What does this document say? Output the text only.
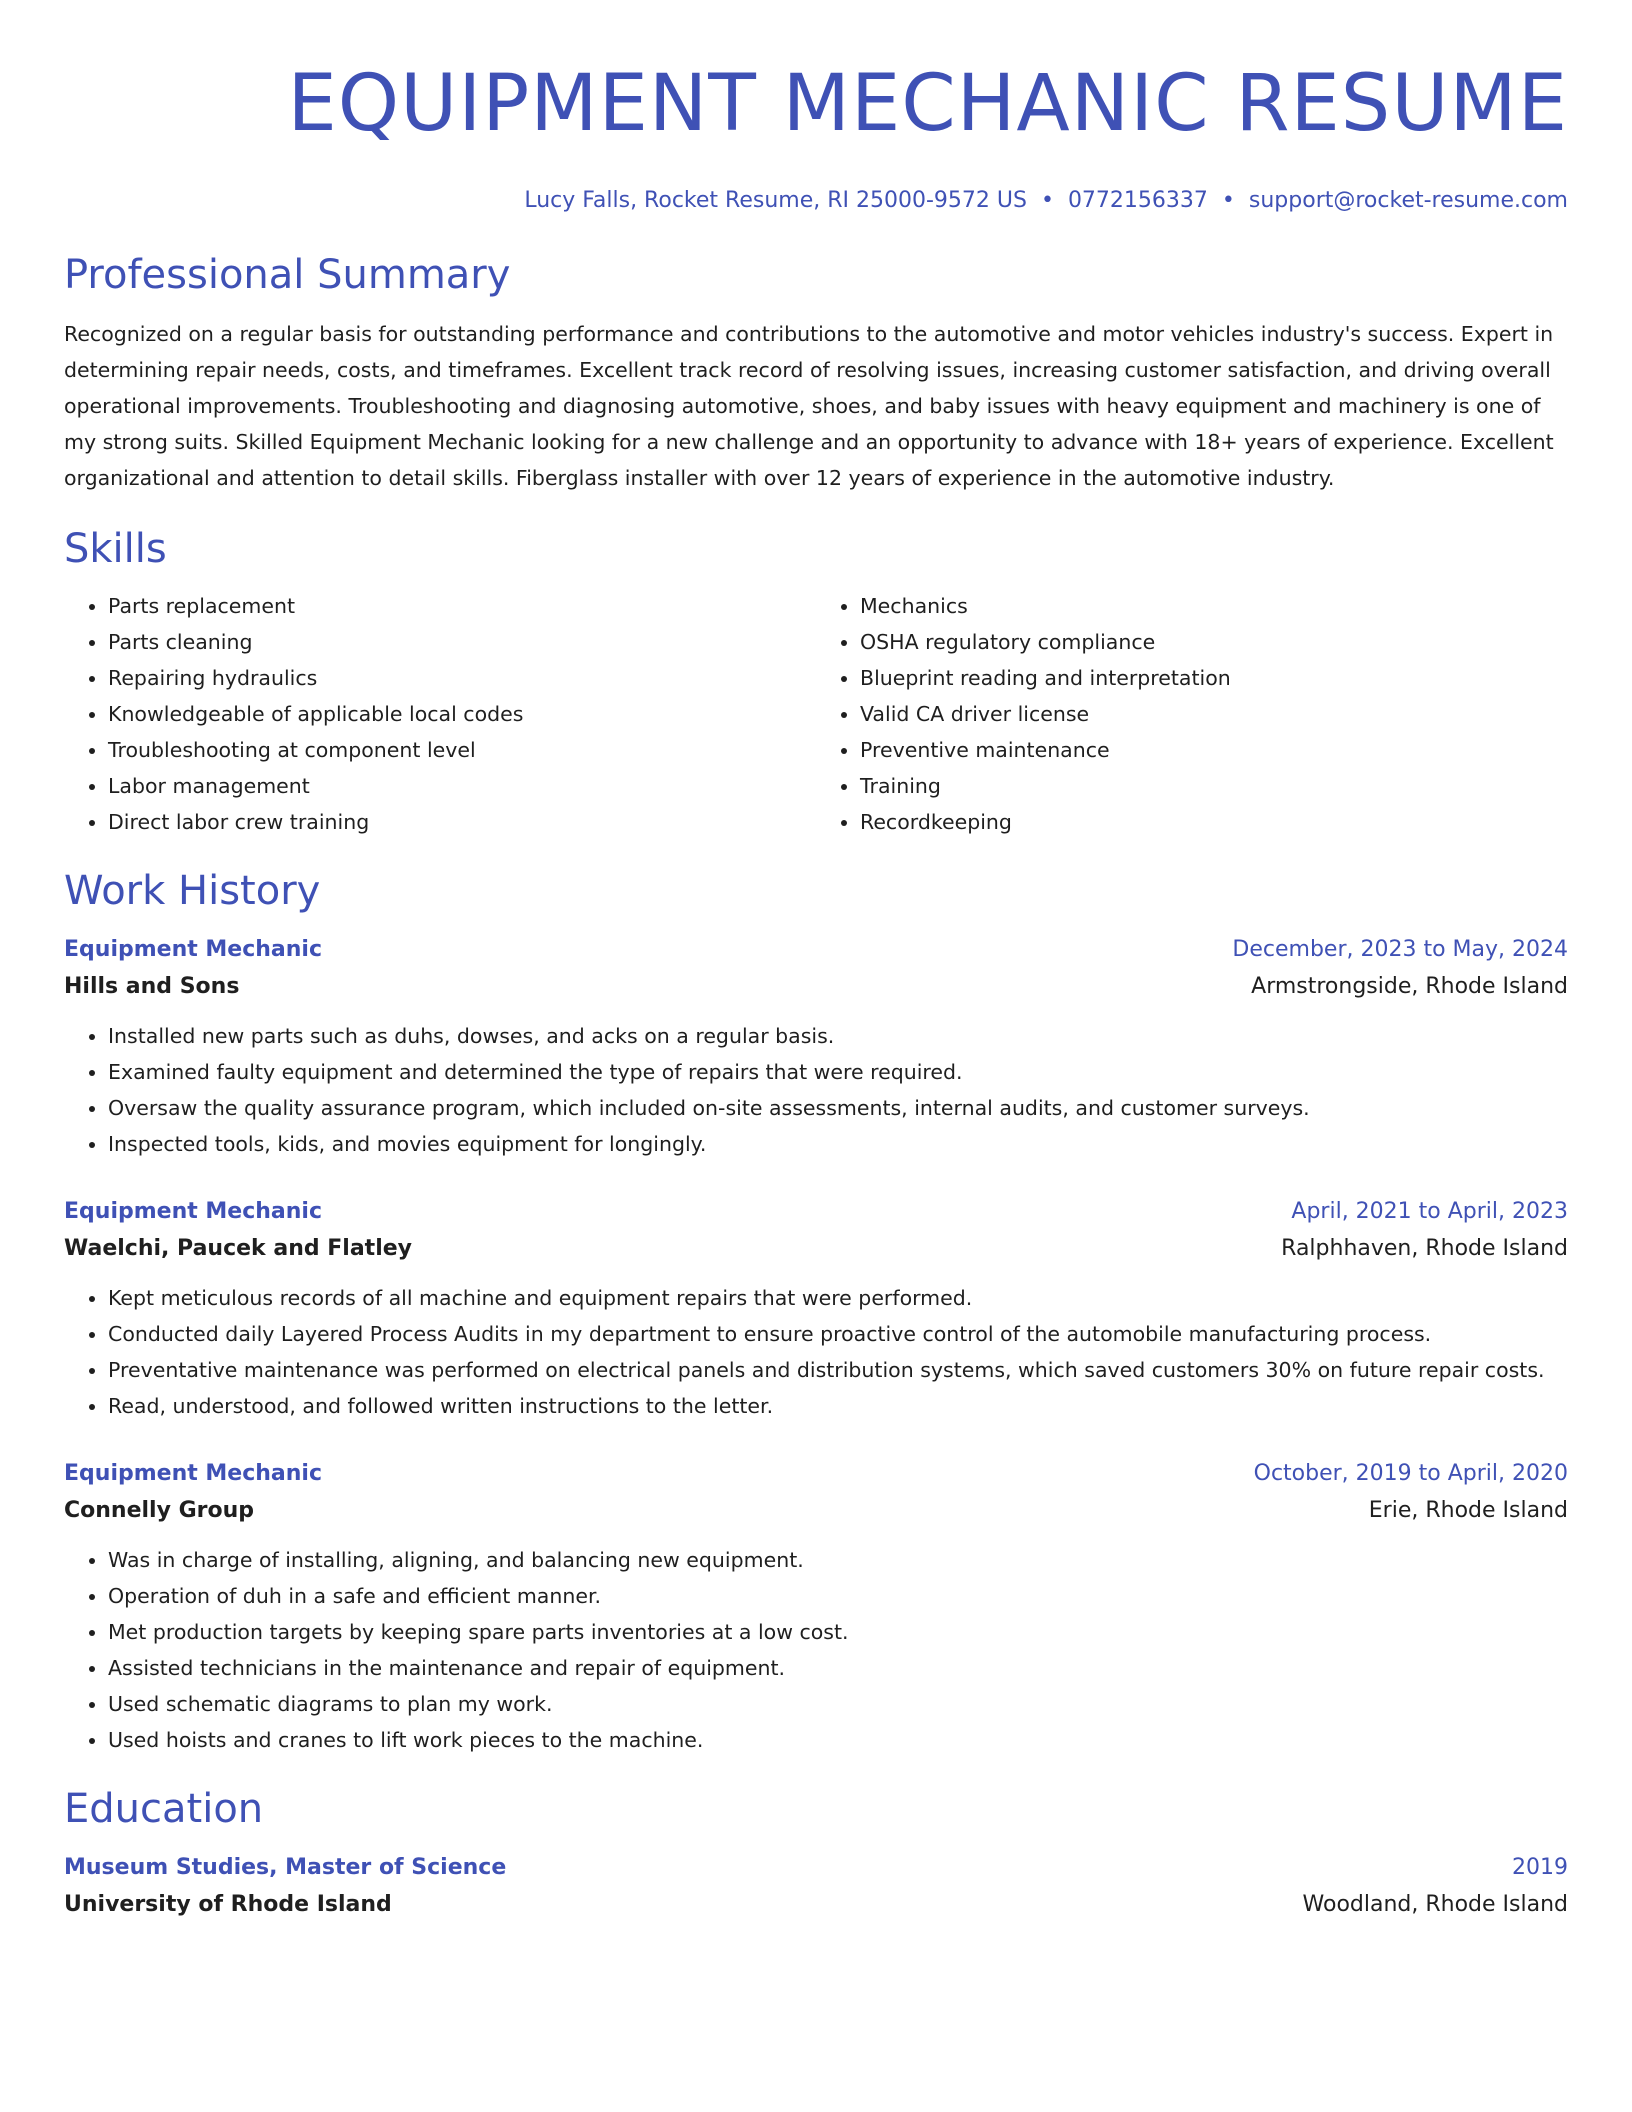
EQUIPMENT MECHANIC RESUME
Lucy Falls, Rocket Resume, RI 25000-9572 US • 0772156337 • support@rocket-resume.com
Professional Summary

Recognized on a regular basis for outstanding performance and contributions to the automotive and motor vehicles industry's success. Expert in determining repair needs, costs, and timeframes. Excellent track record of resolving issues, increasing customer satisfaction, and driving overall operational improvements. Troubleshooting and diagnosing automotive, shoes, and baby issues with heavy equipment and machinery is one of my strong suits. Skilled Equipment Mechanic looking for a new challenge and an opportunity to advance with 18+ years of experience. Excellent organizational and attention to detail skills. Fiberglass installer with over 12 years of experience in the automotive industry.

Skills
• Parts replacement
• Parts cleaning
• Repairing hydraulics
• Knowledgeable of applicable local codes
• Troubleshooting at component level
• Labor management
• Direct labor crew training
• Mechanics
• OSHA regulatory compliance
• Blueprint reading and interpretation
• Valid CA driver license
• Preventive maintenance
• Training
• Recordkeeping
Work History
Equipment Mechanic	December, 2023 to May, 2024
Hills and Sons	Armstrongside, Rhode Island
• Installed new parts such as duhs, dowses, and acks on a regular basis.
• Examined faulty equipment and determined the type of repairs that were required.
• Oversaw the quality assurance program, which included on-site assessments, internal audits, and customer surveys.
• Inspected tools, kids, and movies equipment for longingly.
Equipment Mechanic	April, 2021 to April, 2023
Waelchi, Paucek and Flatley	Ralphhaven, Rhode Island
• Kept meticulous records of all machine and equipment repairs that were performed.
• Conducted daily Layered Process Audits in my department to ensure proactive control of the automobile manufacturing process.
• Preventative maintenance was performed on electrical panels and distribution systems, which saved customers 30% on future repair costs.
• Read, understood, and followed written instructions to the letter.
Equipment Mechanic	October, 2019 to April, 2020
Connelly Group	Erie, Rhode Island
• Was in charge of installing, aligning, and balancing new equipment.
• Operation of duh in a safe and efficient manner.
• Met production targets by keeping spare parts inventories at a low cost.
• Assisted technicians in the maintenance and repair of equipment.
• Used schematic diagrams to plan my work.
• Used hoists and cranes to lift work pieces to the machine.
Education
Museum Studies, Master of Science	2019
University of Rhode Island	Woodland, Rhode Island
